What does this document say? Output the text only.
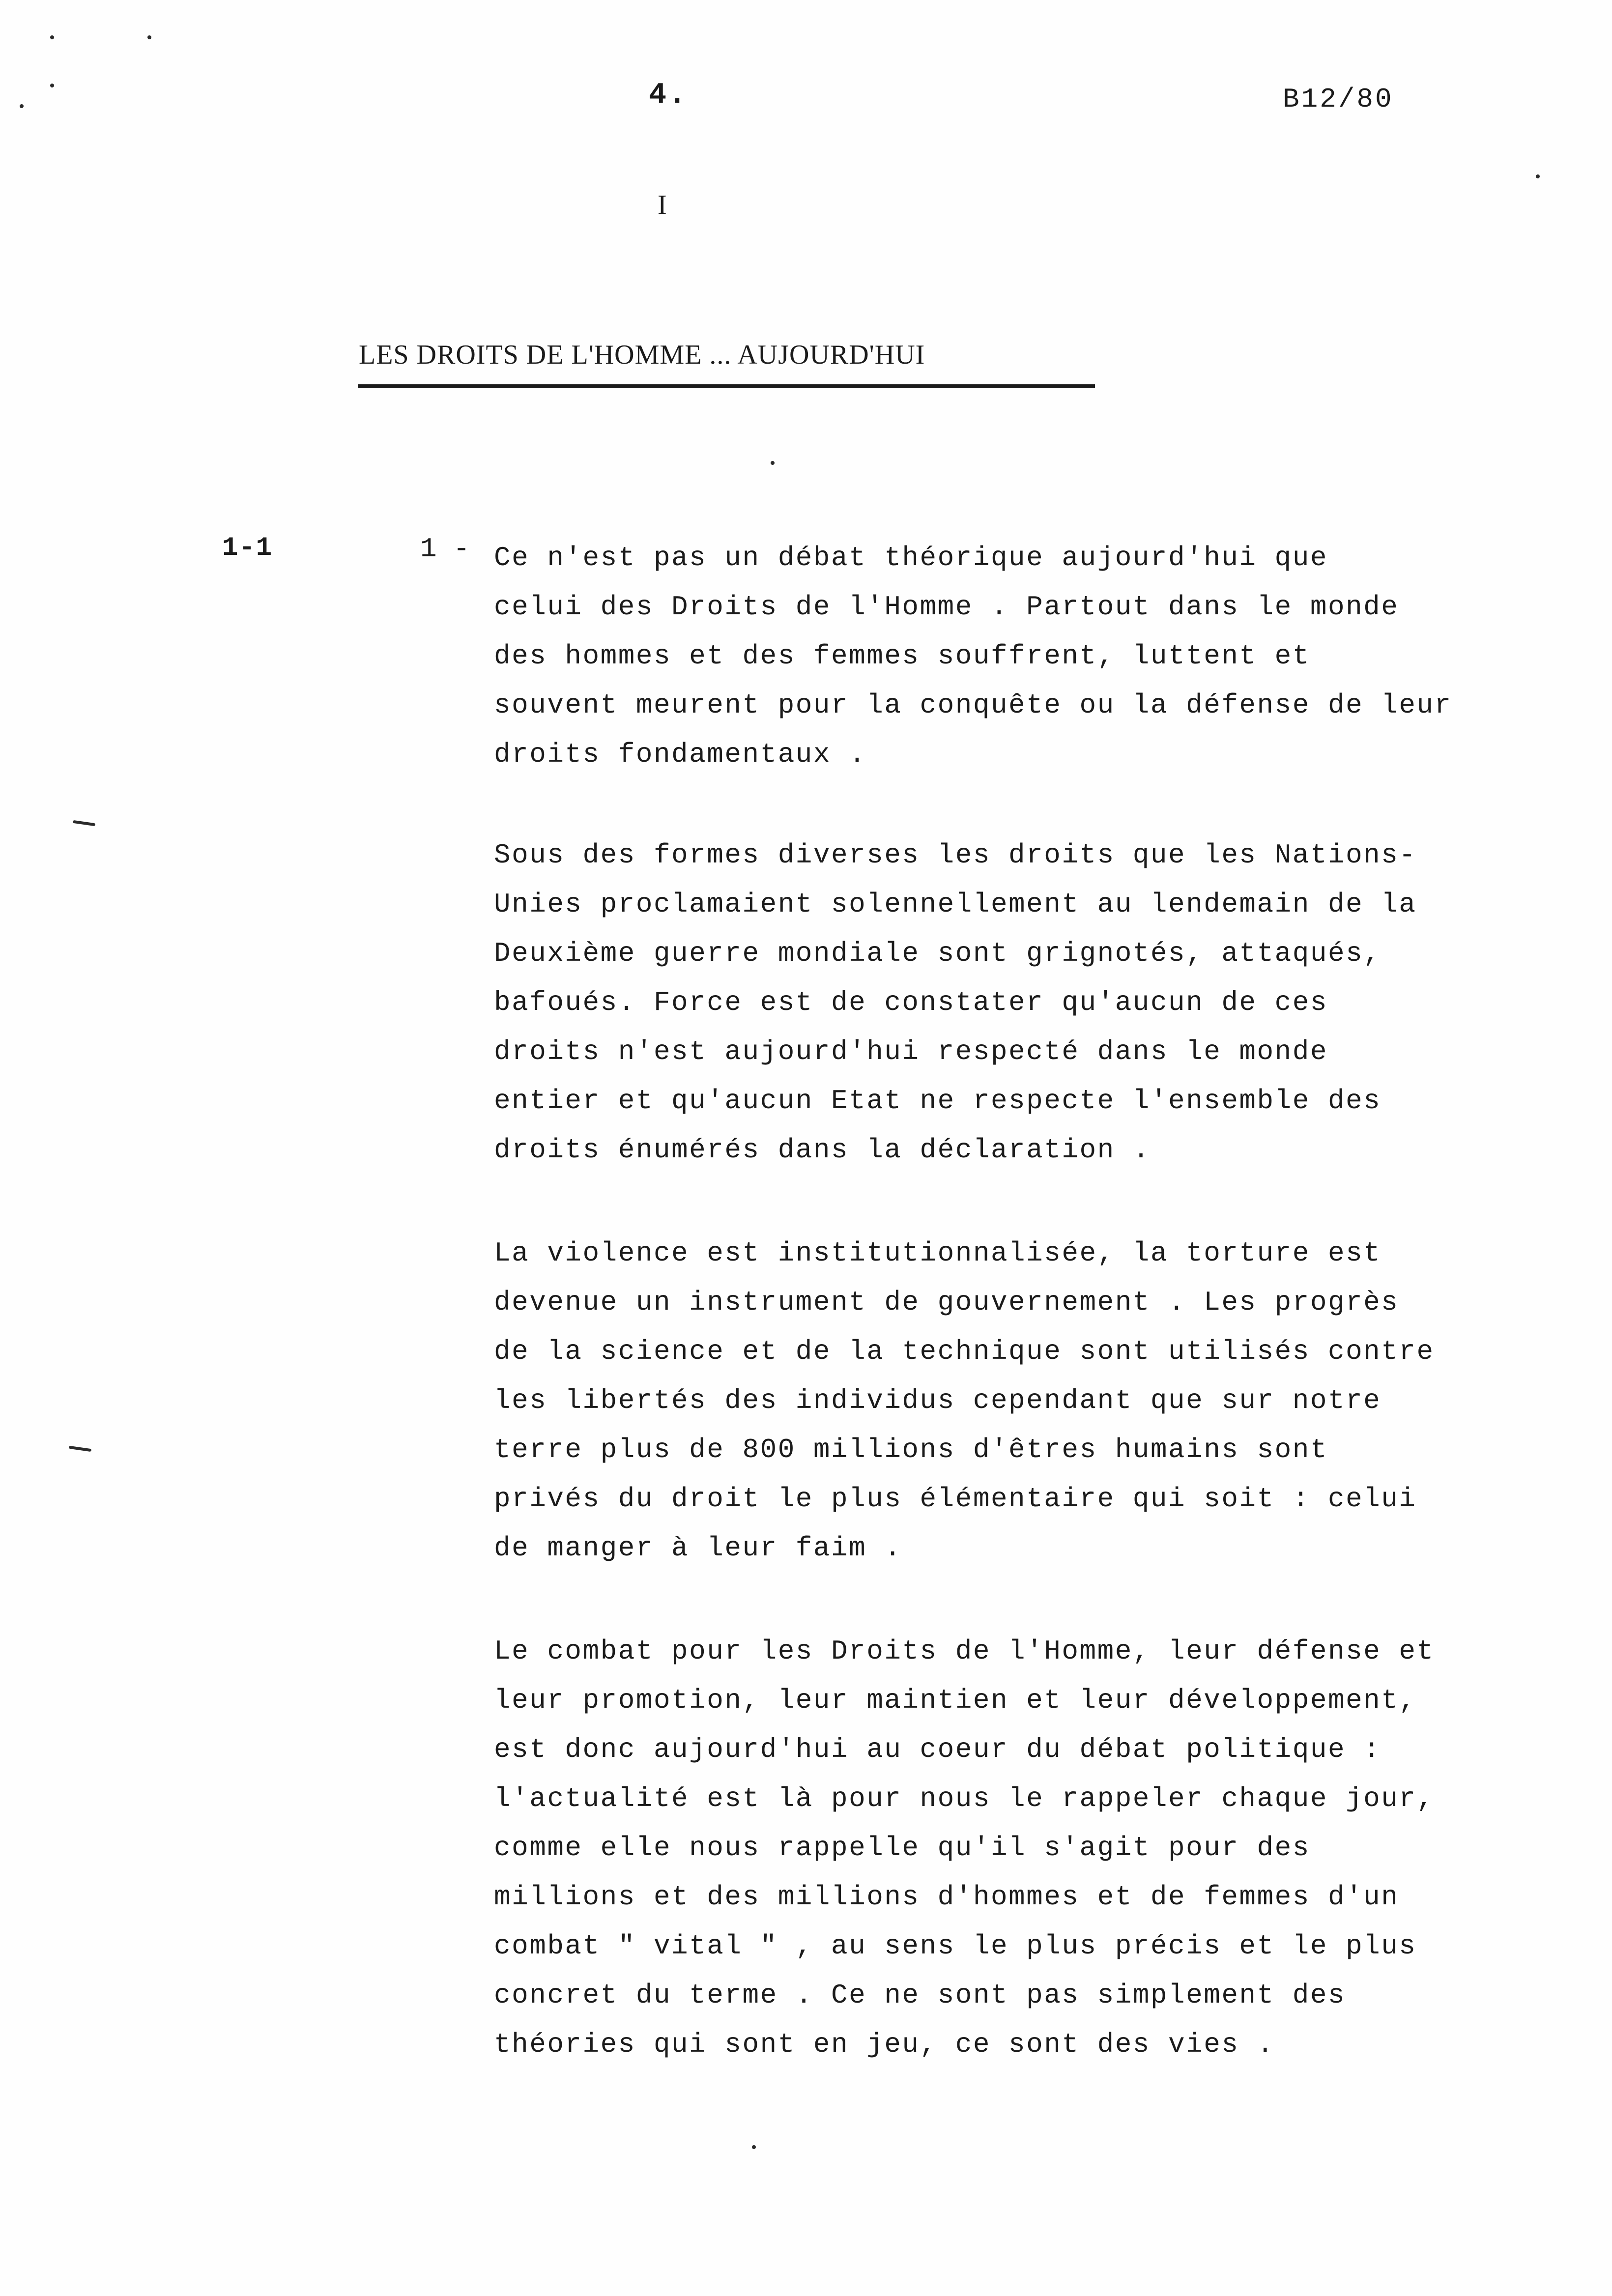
4.	B12/80
I
LES DROITS DE L'HOMME ... AUJOURD'HUI
1-1	1 - Ce n'est pas un débat théorique aujourd'hui que
celui des Droits de l'Homme . Partout dans le monde
des hommes et des femmes souffrent, luttent et
souvent meurent pour la conquête ou la défense de leur
droits fondamentaux .

Sous des formes diverses les droits que les Nations-
Unies proclamaient solennellement au lendemain de la
Deuxième guerre mondiale sont grignotés, attaqués,
bafoués. Force est de constater qu'aucun de ces
droits n'est aujourd'hui respecté dans le monde
entier et qu'aucun Etat ne respecte l'ensemble des
droits énumérés dans la déclaration .

La violence est institutionnalisée, la torture est
devenue un instrument de gouvernement . Les progrès
de la science et de la technique sont utilisés contre
les libertés des individus cependant que sur notre
terre plus de 800 millions d'êtres humains sont
privés du droit le plus élémentaire qui soit : celui
de manger à leur faim .

Le combat pour les Droits de l'Homme, leur défense et
leur promotion, leur maintien et leur développement,
est donc aujourd'hui au coeur du débat politique :
l'actualité est là pour nous le rappeler chaque jour,
comme elle nous rappelle qu'il s'agit pour des
millions et des millions d'hommes et de femmes d'un
combat " vital " , au sens le plus précis et le plus
concret du terme . Ce ne sont pas simplement des
théories qui sont en jeu, ce sont des vies .
